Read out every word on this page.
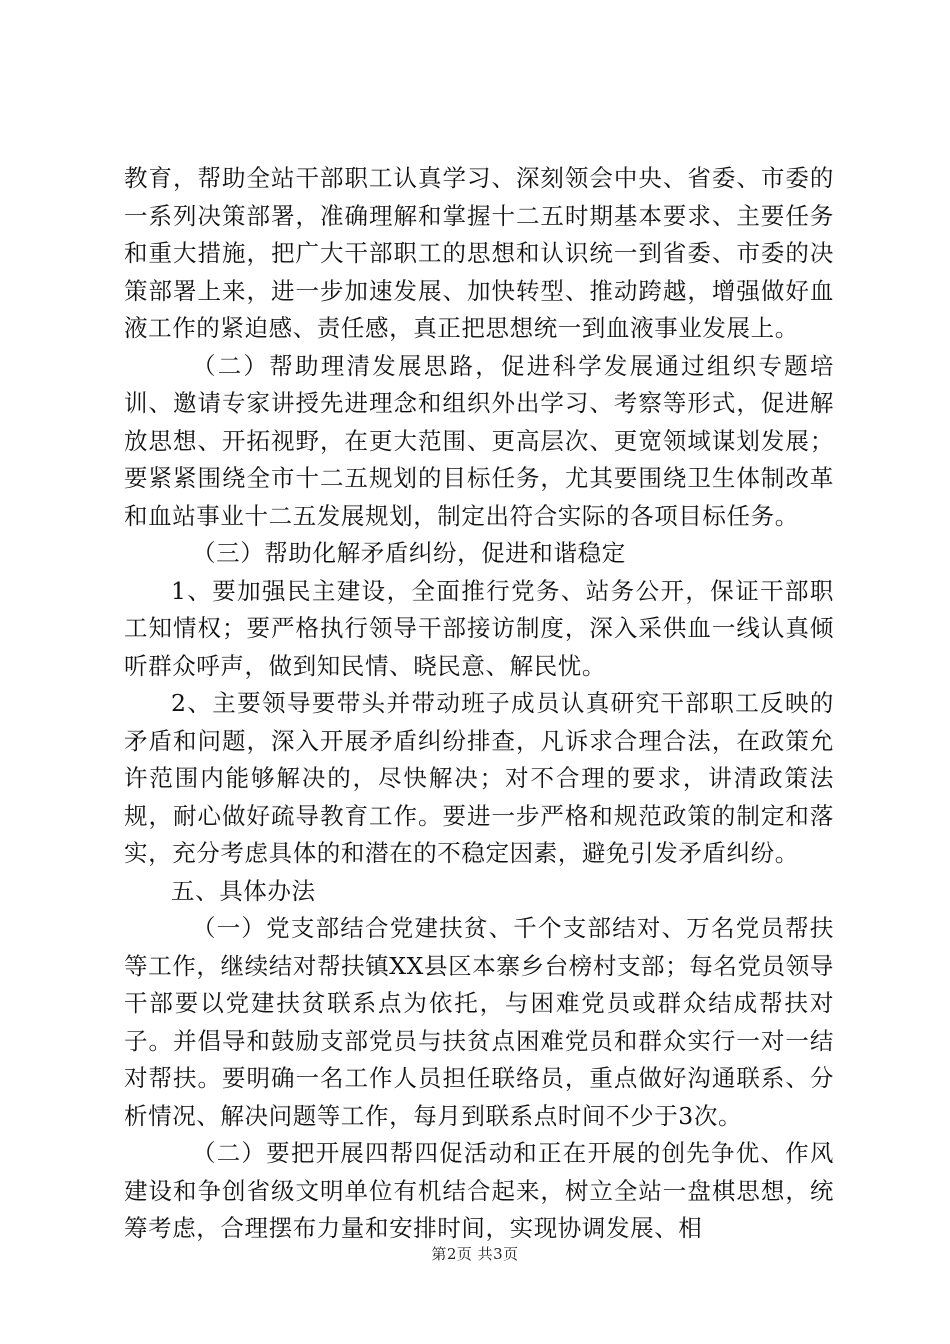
教育，帮助全站干部职工认真学习、深刻领会中央、省委、市委的一系列决策部署，准确理解和掌握十二五时期基本要求、主要任务和重大措施，把广大干部职工的思想和认识统一到省委、市委的决策部署上来，进一步加速发展、加快转型、推动跨越，增强做好血液工作的紧迫感、责任感，真正把思想统一到血液事业发展上。

（二）帮助理清发展思路，促进科学发展通过组织专题培训、邀请专家讲授先进理念和组织外出学习、考察等形式，促进解放思想、开拓视野，在更大范围、更高层次、更宽领域谋划发展；要紧紧围绕全市十二五规划的目标任务，尤其要围绕卫生体制改革和血站事业十二五发展规划，制定出符合实际的各项目标任务。

（三）帮助化解矛盾纠纷，促进和谐稳定

1、要加强民主建设，全面推行党务、站务公开，保证干部职工知情权；要严格执行领导干部接访制度，深入采供血一线认真倾听群众呼声，做到知民情、晓民意、解民忧。

2、主要领导要带头并带动班子成员认真研究干部职工反映的矛盾和问题，深入开展矛盾纠纷排查，凡诉求合理合法，在政策允许范围内能够解决的，尽快解决；对不合理的要求，讲清政策法规，耐心做好疏导教育工作。要进一步严格和规范政策的制定和落实，充分考虑具体的和潜在的不稳定因素，避免引发矛盾纠纷。

五、具体办法

（一）党支部结合党建扶贫、千个支部结对、万名党员帮扶等工作，继续结对帮扶镇XX县区本寨乡台榜村支部；每名党员领导干部要以党建扶贫联系点为依托，与困难党员或群众结成帮扶对子。并倡导和鼓励支部党员与扶贫点困难党员和群众实行一对一结对帮扶。要明确一名工作人员担任联络员，重点做好沟通联系、分析情况、解决问题等工作，每月到联系点时间不少于3次。

（二）要把开展四帮四促活动和正在开展的创先争优、作风建设和争创省级文明单位有机结合起来，树立全站一盘棋思想，统筹考虑，合理摆布力量和安排时间，实现协调发展、相

第2页 共3页
